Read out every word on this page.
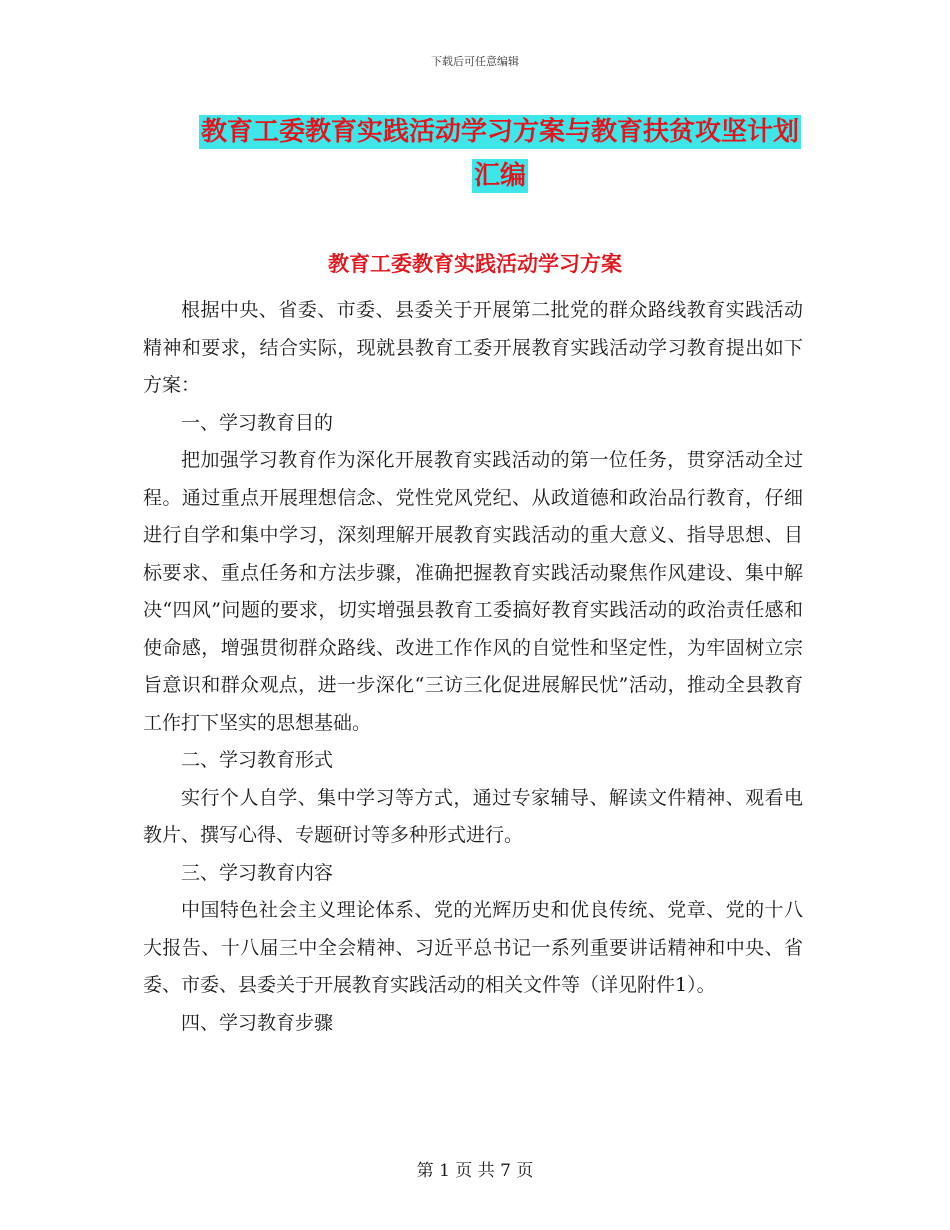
下载后可任意编辑
教育工委教育实践活动学习方案与教育扶贫攻坚计划
汇编
教育工委教育实践活动学习方案

根据中央、省委、市委、县委关于开展第二批党的群众路线教育实践活动精神和要求，结合实际，现就县教育工委开展教育实践活动学习教育提出如下方案：

一、学习教育目的

把加强学习教育作为深化开展教育实践活动的第一位任务，贯穿活动全过程。通过重点开展理想信念、党性党风党纪、从政道德和政治品行教育，仔细进行自学和集中学习，深刻理解开展教育实践活动的重大意义、指导思想、目标要求、重点任务和方法步骤，准确把握教育实践活动聚焦作风建设、集中解决“四风”问题的要求，切实增强县教育工委搞好教育实践活动的政治责任感和使命感，增强贯彻群众路线、改进工作作风的自觉性和坚定性，为牢固树立宗旨意识和群众观点，进一步深化“三访三化促进展解民忧”活动，推动全县教育工作打下坚实的思想基础。

二、学习教育形式

实行个人自学、集中学习等方式，通过专家辅导、解读文件精神、观看电教片、撰写心得、专题研讨等多种形式进行。

三、学习教育内容

中国特色社会主义理论体系、党的光辉历史和优良传统、党章、党的十八大报告、十八届三中全会精神、习近平总书记一系列重要讲话精神和中央、省委、市委、县委关于开展教育实践活动的相关文件等（详见附件1）。

四、学习教育步骤

第 1 页 共 7 页
